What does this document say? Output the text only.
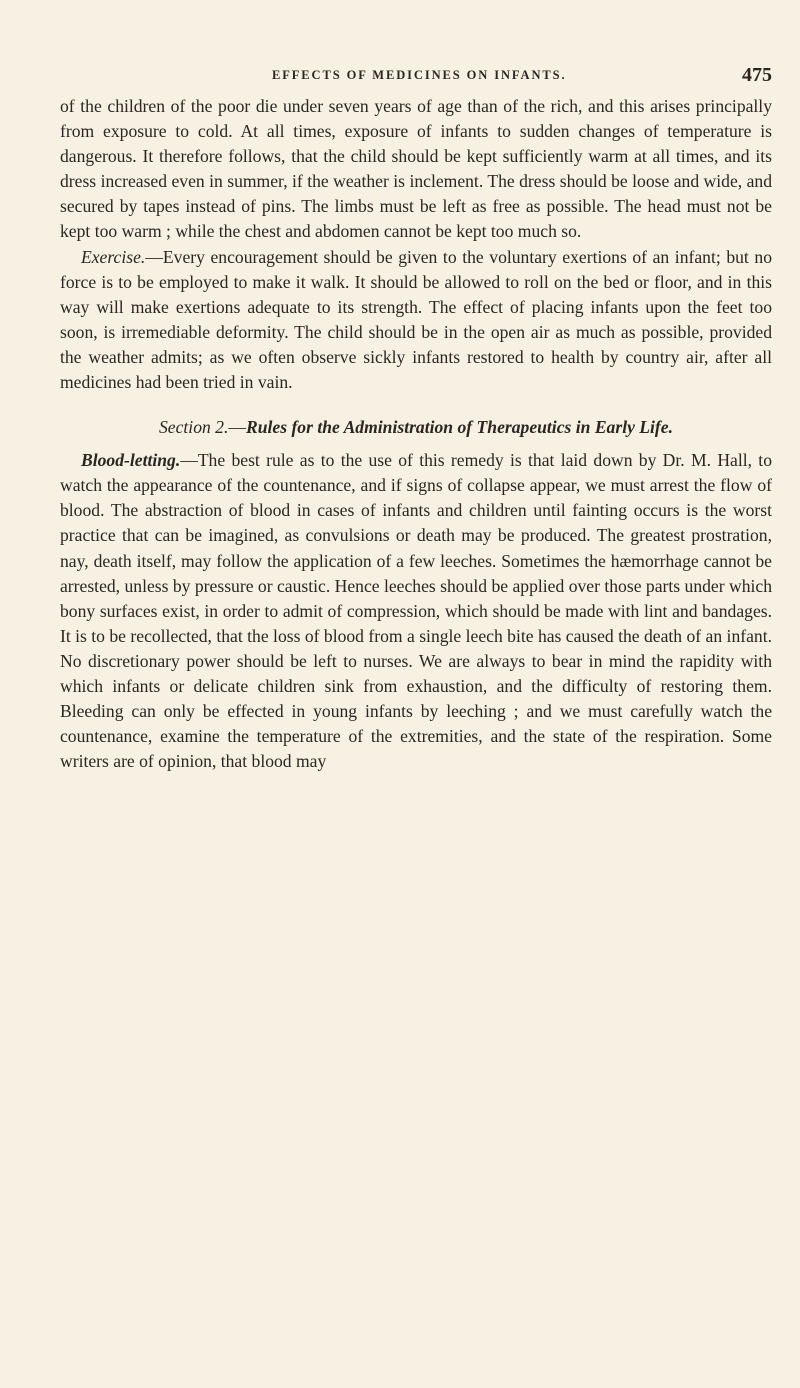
EFFECTS OF MEDICINES ON INFANTS.	475

of the children of the poor die under seven years of age than of the rich, and this arises principally from exposure to cold. At all times, exposure of infants to sudden changes of temperature is dangerous. It therefore follows, that the child should be kept sufficiently warm at all times, and its dress increased even in summer, if the weather is inclement. The dress should be loose and wide, and secured by tapes instead of pins. The limbs must be left as free as possible. The head must not be kept too warm ; while the chest and abdomen cannot be kept too much so.

Exercise.—Every encouragement should be given to the voluntary exertions of an infant; but no force is to be employed to make it walk. It should be allowed to roll on the bed or floor, and in this way will make exertions adequate to its strength. The effect of placing infants upon the feet too soon, is irremediable deformity. The child should be in the open air as much as possible, provided the weather admits; as we often observe sickly infants restored to health by country air, after all medicines had been tried in vain.

Section 2.—Rules for the Administration of Therapeutics in Early Life.

Blood-letting.—The best rule as to the use of this remedy is that laid down by Dr. M. Hall, to watch the appearance of the countenance, and if signs of collapse appear, we must arrest the flow of blood. The abstraction of blood in cases of infants and children until fainting occurs is the worst practice that can be imagined, as convulsions or death may be produced. The greatest prostration, nay, death itself, may follow the application of a few leeches. Sometimes the hæmorrhage cannot be arrested, unless by pressure or caustic. Hence leeches should be applied over those parts under which bony surfaces exist, in order to admit of compression, which should be made with lint and bandages. It is to be recollected, that the loss of blood from a single leech bite has caused the death of an infant. No discretionary power should be left to nurses. We are always to bear in mind the rapidity with which infants or delicate children sink from exhaustion, and the difficulty of restoring them. Bleeding can only be effected in young infants by leeching ; and we must carefully watch the countenance, examine the temperature of the extremities, and the state of the respiration. Some writers are of opinion, that blood may
